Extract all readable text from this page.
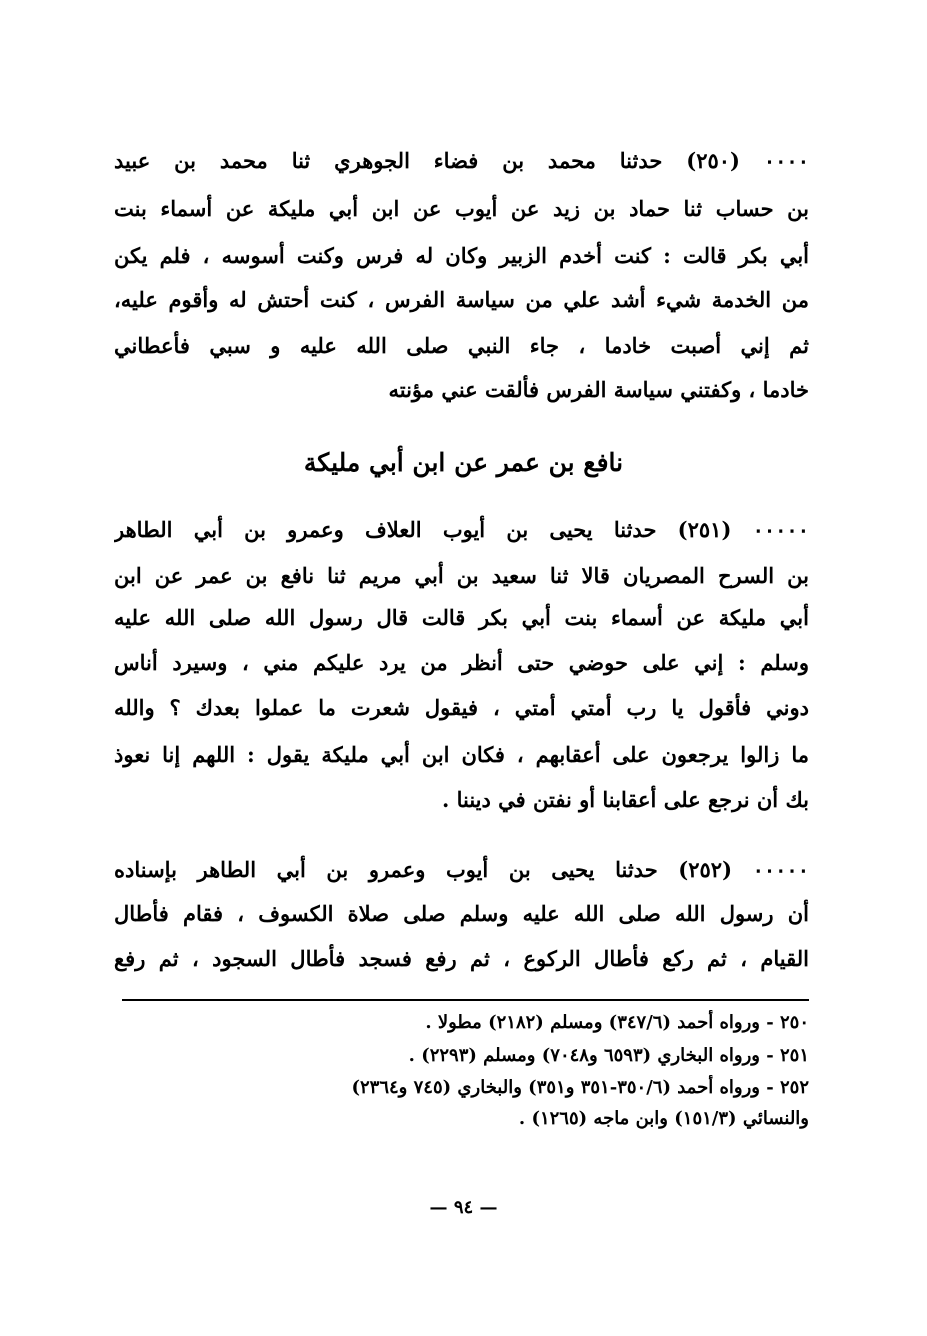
۰۰۰۰ (٢٥٠) حدثنا محمد بن فضاء الجوهري ثنا محمد بن عبيد
بن حساب ثنا حماد بن زيد عن أيوب عن ابن أبي مليكة عن أسماء بنت
أبي بكر قالت : كنت أخدم الزبير وكان له فرس وكنت أسوسه ، فلم يكن
من الخدمة شيء أشد علي من سياسة الفرس ، كنت أحتش له وأقوم عليه،
ثم إني أصبت خادما ، جاء النبي صلى الله عليه و سبي فأعطاني
خادما ، وكفتني سياسة الفرس فألقت عني مؤنته
نافع بن عمر عن ابن أبي مليكة
۰۰۰۰۰ (٢٥١) حدثنا يحيى بن أيوب العلاف وعمرو بن أبي الطاهر
بن السرح المصريان قالا ثنا سعيد بن أبي مريم ثنا نافع بن عمر عن ابن
أبي مليكة عن أسماء بنت أبي بكر قالت قال رسول الله صلى الله عليه
وسلم : إني على حوضي حتى أنظر من يرد عليكم مني ، وسيرد أناس
دوني فأقول يا رب أمتي أمتي ، فيقول شعرت ما عملوا بعدك ؟ والله
ما زالوا يرجعون على أعقابهم ، فكان ابن أبي مليكة يقول : اللهم إنا نعوذ
بك أن نرجع على أعقابنا أو نفتن في ديننا .
۰۰۰۰۰ (٢٥٢) حدثنا يحيى بن أيوب وعمرو بن أبي الطاهر بإسناده
أن رسول الله صلى الله عليه وسلم صلى صلاة الكسوف ، فقام فأطال
القيام ، ثم ركع فأطال الركوع ، ثم رفع فسجد فأطال السجود ، ثم رفع
٢٥٠ - ورواه أحمد (٣٤٧/٦) ومسلم (٢١٨٢) مطولا .
٢٥١ - ورواه البخاري (٦٥٩٣ و٧٠٤٨) ومسلم (٢٢٩٣) .
٢٥٢ - ورواه أحمد (٣٥٠/٦-٣٥١ و٣٥١) والبخاري (٧٤٥ و٢٣٦٤)
والنسائي (١٥١/٣) وابن ماجه (١٢٦٥) .
— ٩٤ —
